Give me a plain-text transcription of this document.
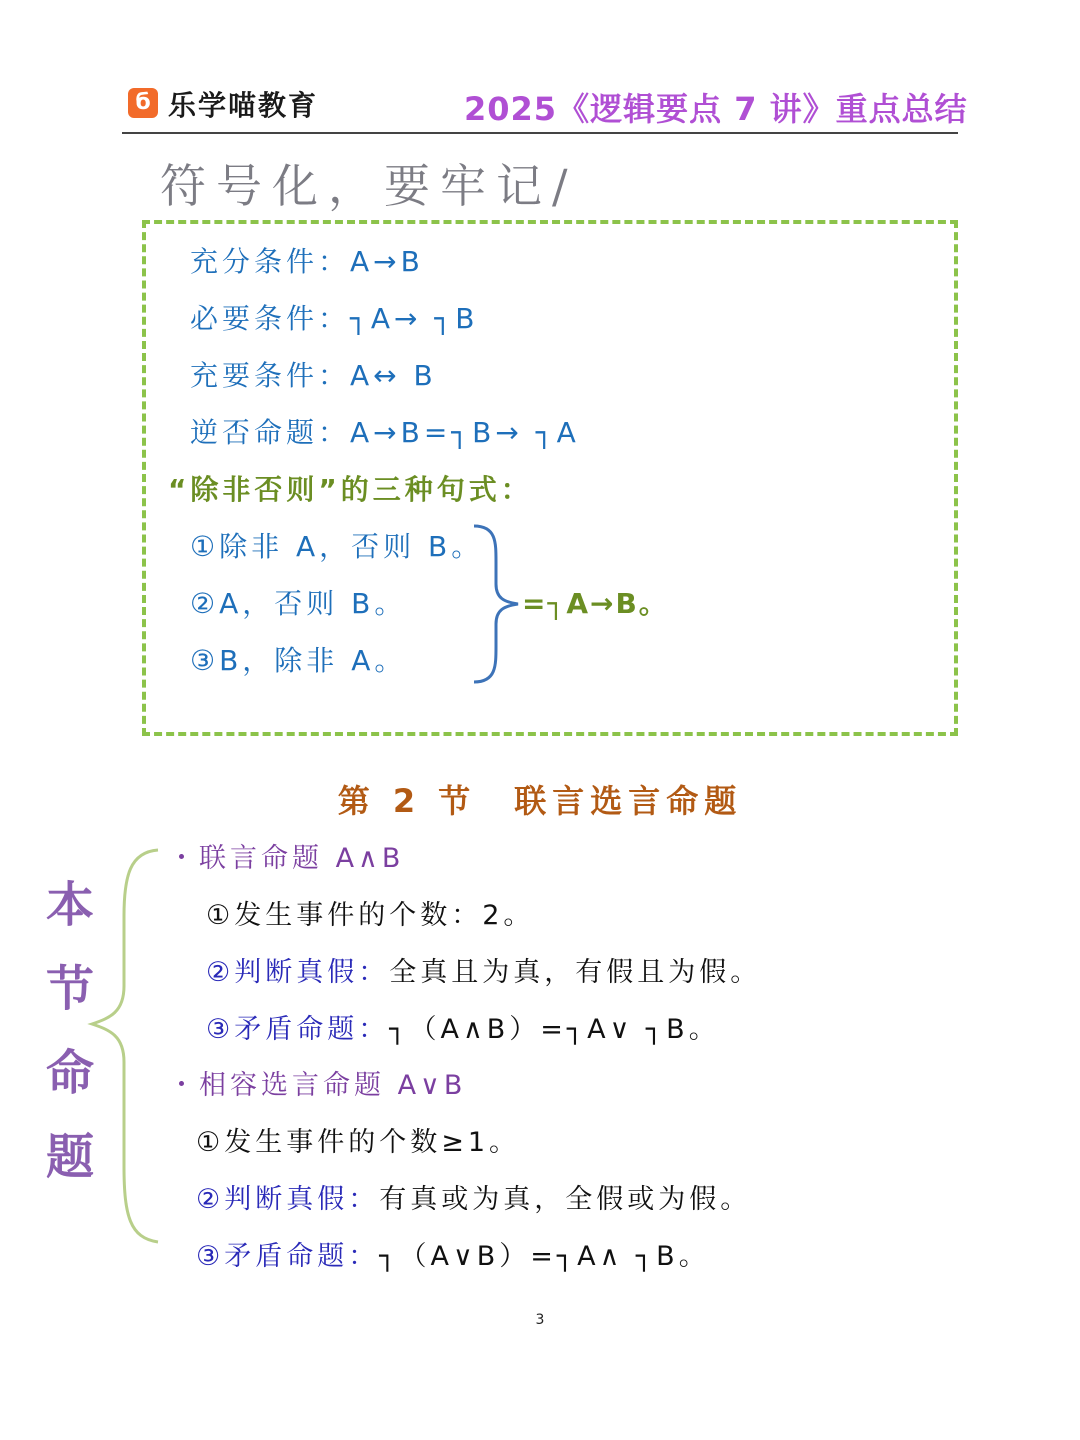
б 乐学喵教育	2025《逻辑要点 7 讲》重点总结
符号化，要牢记/
充分条件：A→B
必要条件：┐A→ ┐B
充要条件：A↔ B
逆否命题：A→B=┐B→ ┐A
“除非否则”的三种句式：
①除非 A，否则 B。
②A，否则 B。
③B，除非 A。
=┐A→B。
第 2 节　联言选言命题
本
节
命
题
・联言命题 A∧B
①发生事件的个数：2。
②判断真假：全真且为真，有假且为假。
③矛盾命题：┐（A∧B）=┐A∨ ┐B。
・相容选言命题 A∨B
①发生事件的个数≥1。
②判断真假：有真或为真，全假或为假。
③矛盾命题：┐（A∨B）=┐A∧ ┐B。
3
